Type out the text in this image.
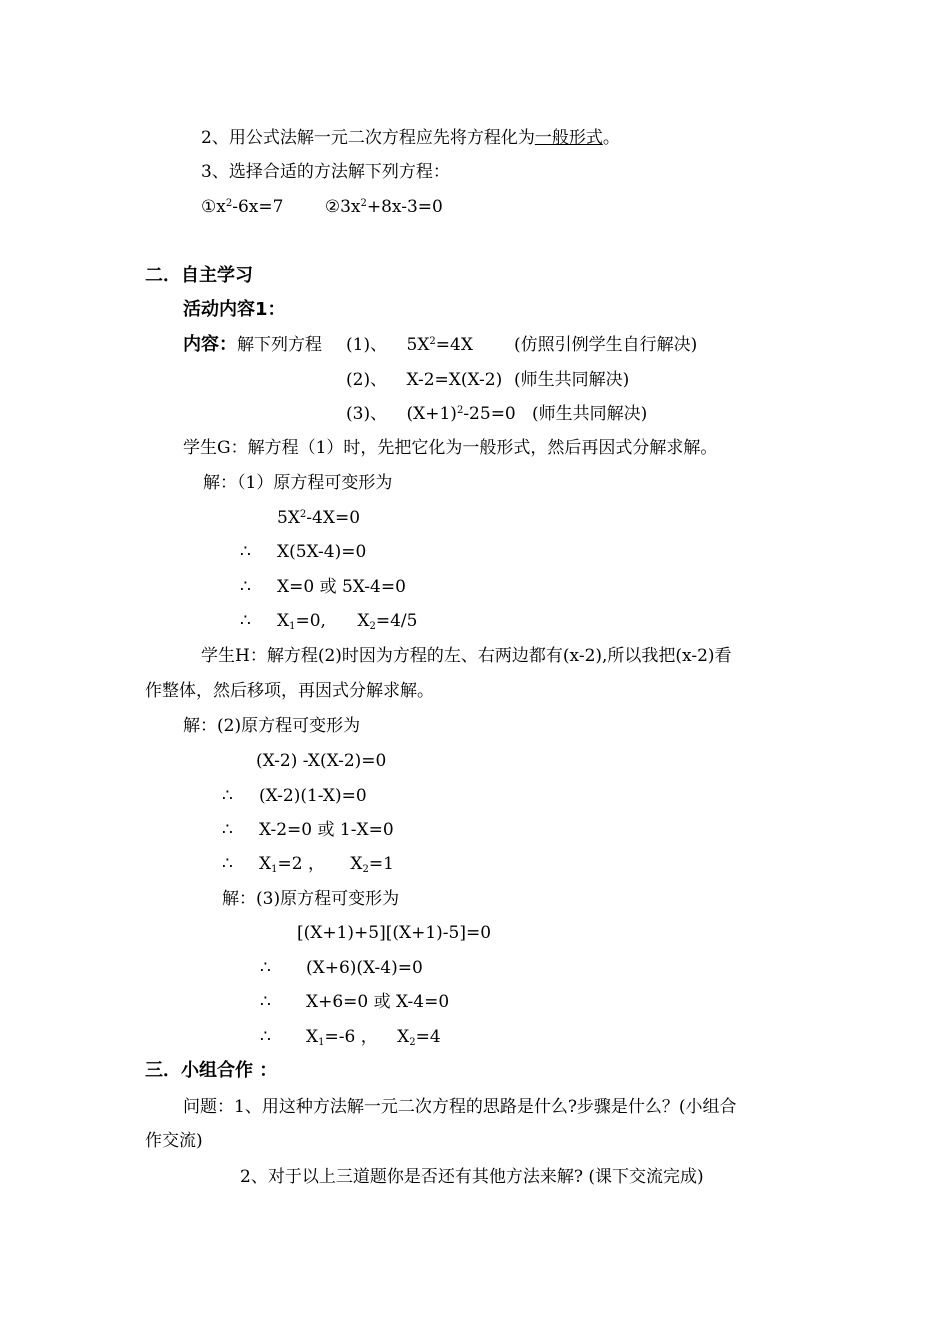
2、用公式法解一元二次方程应先将方程化为一般形式。
3、选择合适的方法解下列方程：
$①x^2-6x=7$ $②3x^2+8x-3=0$
二．自主学习
活动内容1：
内容：解下列方程 (1)、 $5X^2=4X$ (仿照引例学生自行解决)
(2)、 X-2=X(X-2) (师生共同解决)
(3)、 $(X+1)^2-25=0$ (师生共同解决)
学生G：解方程（1）时，先把它化为一般形式，然后再因式分解求解。
解：（1）原方程可变形为
$5X^2-4X=0$
∴ X(5X-4)=0
∴ X=0 或 5X-4=0
∴ $X_1=0$, $X_2=4/5$
学生H：解方程(2)时因为方程的左、右两边都有(x-2),所以我把(x-2)看
作整体，然后移项，再因式分解求解。
解：(2)原方程可变形为
(X-2) -X(X-2)=0
∴ (X-2)(1-X)=0
∴ X-2=0 或 1-X=0
∴ $X_1=2$ ， $X_2=1$
解：(3)原方程可变形为
[(X+1)+5][(X+1)-5]=0
∴ (X+6)(X-4)=0
∴ X+6=0 或 X-4=0
∴ $X_1=-6$ ， $X_2=4$
三．小组合作 ：
问题：1、用这种方法解一元二次方程的思路是什么?步骤是什么？(小组合
作交流)
2、对于以上三道题你是否还有其他方法来解? (课下交流完成)
